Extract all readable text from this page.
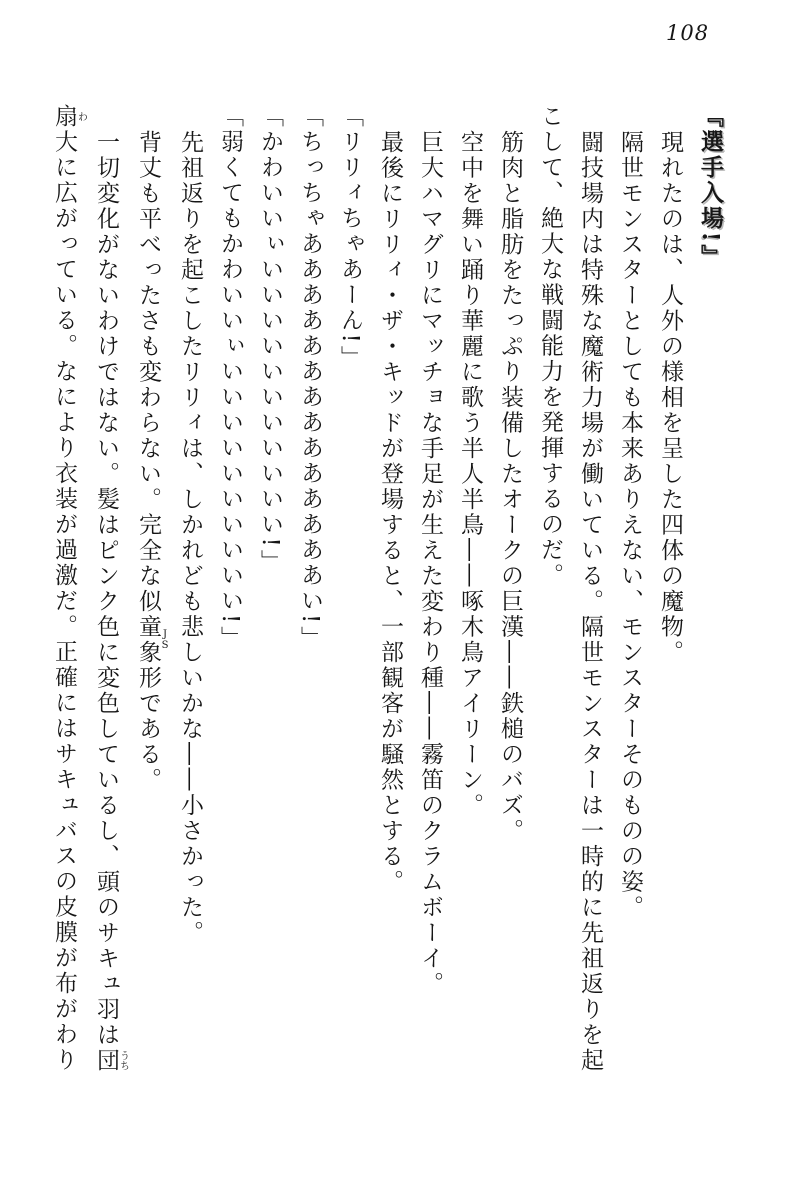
108

『選手入場!』

現れたのは、人外の様相を呈した四体の魔物。

隔世モンスターとしても本来ありえない、モンスターそのものの姿。

闘技場内は特殊な魔術力場が働いている。隔世モンスターは一時的に先祖返りを起

こして、絶大な戦闘能力を発揮するのだ。

筋肉と脂肪をたっぷり装備したオークの巨漢――鉄槌のバズ。

空中を舞い踊り華麗に歌う半人半鳥――啄木鳥アイリーン。

巨大ハマグリにマッチョな手足が生えた変わり種――霧笛のクラムボーイ。

最後にリリィ・ザ・キッドが登場すると、一部観客が騒然とする。

「リリィちゃあーん!」

「ちっちゃああああああああああああああい!」

「かわいいぃいいいいいいいいいいい!」

「弱くてもかわいいぃいいいいいいいいいい!」

先祖返りを起こしたリリィは、しかれども悲しいかな――小さかった。

背丈も平べったさも変わらない。完全な似童象形JSである。

一切変化がないわけではない。髪はピンク色に変色しているし、頭のサキュ羽は団うち

扇わ大に広がっている。なにより衣装が過激だ。正確にはサキュバスの皮膜が布がわり
